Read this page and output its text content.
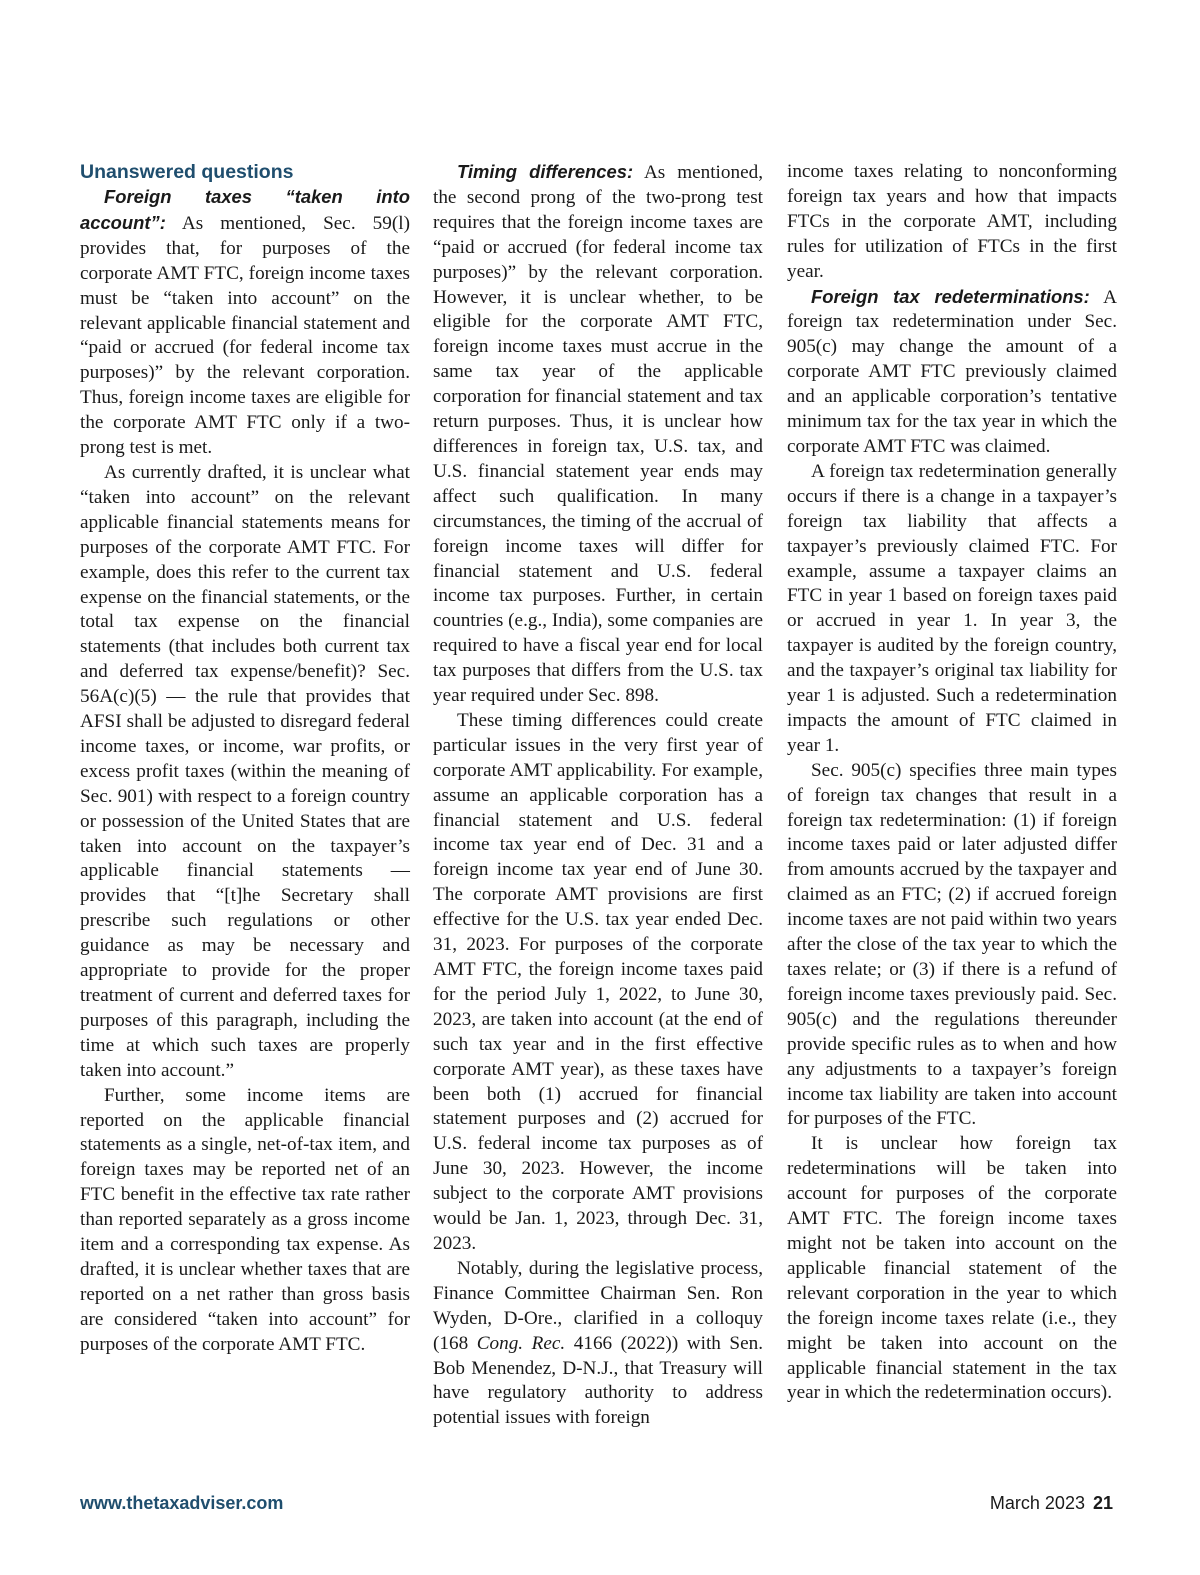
Unanswered questions

Foreign taxes “taken into account”: As mentioned, Sec. 59(l) provides that, for purposes of the corporate AMT FTC, foreign income taxes must be “taken into account” on the relevant applicable financial statement and “paid or accrued (for federal income tax purposes)” by the relevant corporation. Thus, foreign income taxes are eligible for the corporate AMT FTC only if a two-prong test is met.

As currently drafted, it is unclear what “taken into account” on the relevant applicable financial statements means for purposes of the corporate AMT FTC. For example, does this refer to the current tax expense on the financial statements, or the total tax expense on the financial statements (that includes both current tax and deferred tax expense/benefit)? Sec. 56A(c)(5) — the rule that provides that AFSI shall be adjusted to disregard federal income taxes, or income, war profits, or excess profit taxes (within the meaning of Sec. 901) with respect to a foreign country or possession of the United States that are taken into account on the taxpayer’s applicable financial statements — provides that “[t]he Secretary shall prescribe such regulations or other guidance as may be necessary and appropriate to provide for the proper treatment of current and deferred taxes for purposes of this paragraph, including the time at which such taxes are properly taken into account.”

Further, some income items are reported on the applicable financial statements as a single, net-of-tax item, and foreign taxes may be reported net of an FTC benefit in the effective tax rate rather than reported separately as a gross income item and a corresponding tax expense. As drafted, it is unclear whether taxes that are reported on a net rather than gross basis are considered “taken into account” for purposes of the corporate AMT FTC.

Timing differences: As mentioned, the second prong of the two-prong test requires that the foreign income taxes are “paid or accrued (for federal income tax purposes)” by the relevant corporation. However, it is unclear whether, to be eligible for the corporate AMT FTC, foreign income taxes must accrue in the same tax year of the applicable corporation for financial statement and tax return purposes. Thus, it is unclear how differences in foreign tax, U.S. tax, and U.S. financial statement year ends may affect such qualification. In many circumstances, the timing of the accrual of foreign income taxes will differ for financial statement and U.S. federal income tax purposes. Further, in certain countries (e.g., India), some companies are required to have a fiscal year end for local tax purposes that differs from the U.S. tax year required under Sec. 898.

These timing differences could create particular issues in the very first year of corporate AMT applicability. For example, assume an applicable corporation has a financial statement and U.S. federal income tax year end of Dec. 31 and a foreign income tax year end of June 30. The corporate AMT provisions are first effective for the U.S. tax year ended Dec. 31, 2023. For purposes of the corporate AMT FTC, the foreign income taxes paid for the period July 1, 2022, to June 30, 2023, are taken into account (at the end of such tax year and in the first effective corporate AMT year), as these taxes have been both (1) accrued for financial statement purposes and (2) accrued for U.S. federal income tax purposes as of June 30, 2023. However, the income subject to the corporate AMT provisions would be Jan. 1, 2023, through Dec. 31, 2023.

Notably, during the legislative process, Finance Committee Chairman Sen. Ron Wyden, D-Ore., clarified in a colloquy (168 Cong. Rec. 4166 (2022)) with Sen. Bob Menendez, D-N.J., that Treasury will have regulatory authority to address potential issues with foreign

income taxes relating to nonconforming foreign tax years and how that impacts FTCs in the corporate AMT, including rules for utilization of FTCs in the first year.

Foreign tax redeterminations: A foreign tax redetermination under Sec. 905(c) may change the amount of a corporate AMT FTC previously claimed and an applicable corporation’s tentative minimum tax for the tax year in which the corporate AMT FTC was claimed.

A foreign tax redetermination generally occurs if there is a change in a taxpayer’s foreign tax liability that affects a taxpayer’s previously claimed FTC. For example, assume a taxpayer claims an FTC in year 1 based on foreign taxes paid or accrued in year 1. In year 3, the taxpayer is audited by the foreign country, and the taxpayer’s original tax liability for year 1 is adjusted. Such a redetermination impacts the amount of FTC claimed in year 1.

Sec. 905(c) specifies three main types of foreign tax changes that result in a foreign tax redetermination: (1) if foreign income taxes paid or later adjusted differ from amounts accrued by the taxpayer and claimed as an FTC; (2) if accrued foreign income taxes are not paid within two years after the close of the tax year to which the taxes relate; or (3) if there is a refund of foreign income taxes previously paid. Sec. 905(c) and the regulations thereunder provide specific rules as to when and how any adjustments to a taxpayer’s foreign income tax liability are taken into account for purposes of the FTC.

It is unclear how foreign tax redeterminations will be taken into account for purposes of the corporate AMT FTC. The foreign income taxes might not be taken into account on the applicable financial statement of the relevant corporation in the year to which the foreign income taxes relate (i.e., they might be taken into account on the applicable financial statement in the tax year in which the redetermination occurs).

www.thetaxadviser.com	March 2023 21
